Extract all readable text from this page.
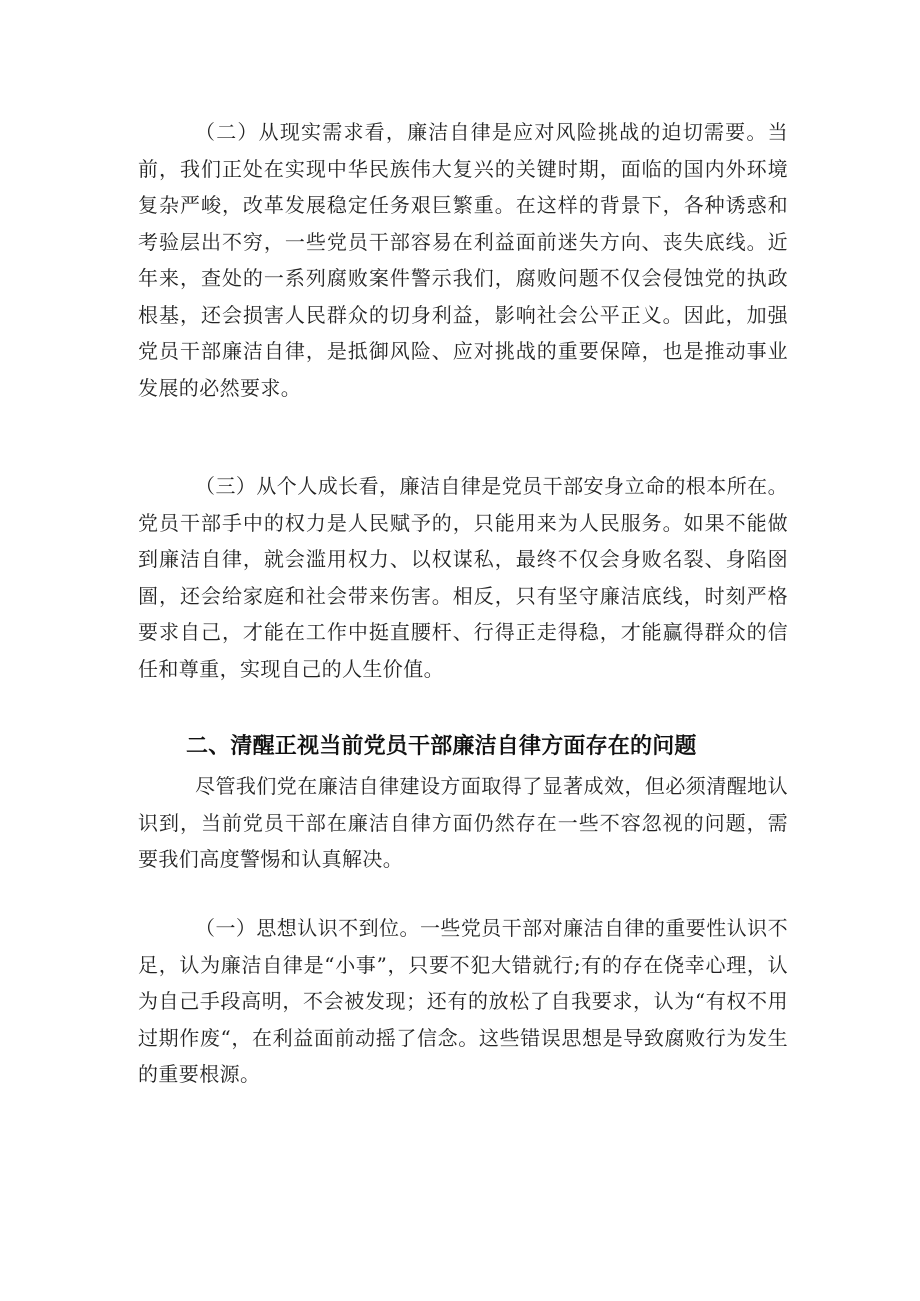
（二）从现实需求看，廉洁自律是应对风险挑战的迫切需要。当前，我们正处在实现中华民族伟大复兴的关键时期，面临的国内外环境复杂严峻，改革发展稳定任务艰巨繁重。在这样的背景下，各种诱惑和考验层出不穷，一些党员干部容易在利益面前迷失方向、丧失底线。近年来，查处的一系列腐败案件警示我们，腐败问题不仅会侵蚀党的执政根基，还会损害人民群众的切身利益，影响社会公平正义。因此，加强党员干部廉洁自律，是抵御风险、应对挑战的重要保障，也是推动事业发展的必然要求。

（三）从个人成长看，廉洁自律是党员干部安身立命的根本所在。党员干部手中的权力是人民赋予的，只能用来为人民服务。如果不能做到廉洁自律，就会滥用权力、以权谋私，最终不仅会身败名裂、身陷囹圄，还会给家庭和社会带来伤害。相反，只有坚守廉洁底线，时刻严格要求自己，才能在工作中挺直腰杆、行得正走得稳，才能赢得群众的信任和尊重，实现自己的人生价值。

二、清醒正视当前党员干部廉洁自律方面存在的问题

尽管我们党在廉洁自律建设方面取得了显著成效，但必须清醒地认识到，当前党员干部在廉洁自律方面仍然存在一些不容忽视的问题，需要我们高度警惕和认真解决。

（一）思想认识不到位。一些党员干部对廉洁自律的重要性认识不足，认为廉洁自律是“小事”，只要不犯大错就行;有的存在侥幸心理，认为自己手段高明，不会被发现；还有的放松了自我要求，认为“有权不用过期作废“，在利益面前动摇了信念。这些错误思想是导致腐败行为发生的重要根源。
